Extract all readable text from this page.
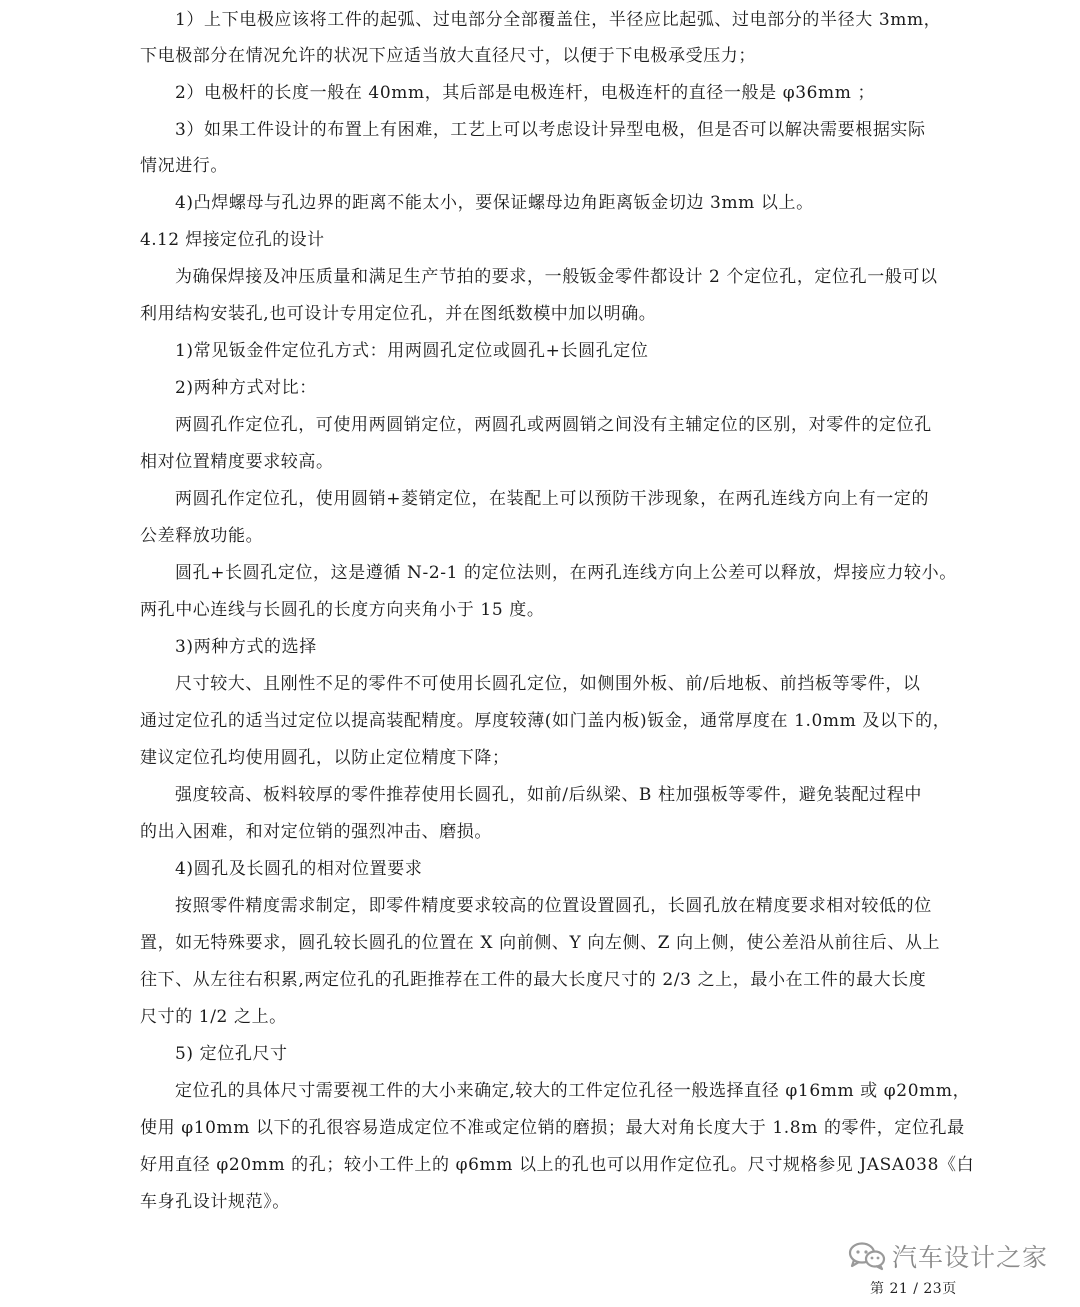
1）上下电极应该将工件的起弧、过电部分全部覆盖住，半径应比起弧、过电部分的半径大 3mm，
下电极部分在情况允许的状况下应适当放大直径尺寸，以便于下电极承受压力；
2）电极杆的长度一般在 40mm，其后部是电极连杆，电极连杆的直径一般是 φ36mm ；
3）如果工件设计的布置上有困难，工艺上可以考虑设计异型电极，但是否可以解决需要根据实际
情况进行。
4)凸焊螺母与孔边界的距离不能太小，要保证螺母边角距离钣金切边 3mm 以上。
4.12 焊接定位孔的设计
为确保焊接及冲压质量和满足生产节拍的要求，一般钣金零件都设计 2 个定位孔，定位孔一般可以
利用结构安装孔,也可设计专用定位孔，并在图纸数模中加以明确。
1)常见钣金件定位孔方式：用两圆孔定位或圆孔+长圆孔定位
2)两种方式对比：
两圆孔作定位孔，可使用两圆销定位，两圆孔或两圆销之间没有主辅定位的区别，对零件的定位孔
相对位置精度要求较高。
两圆孔作定位孔，使用圆销+菱销定位，在装配上可以预防干涉现象，在两孔连线方向上有一定的
公差释放功能。
圆孔+长圆孔定位，这是遵循 N-2-1 的定位法则，在两孔连线方向上公差可以释放，焊接应力较小。
两孔中心连线与长圆孔的长度方向夹角小于 15 度。
3)两种方式的选择
尺寸较大、且刚性不足的零件不可使用长圆孔定位，如侧围外板、前/后地板、前挡板等零件，以
通过定位孔的适当过定位以提高装配精度。厚度较薄(如门盖内板)钣金，通常厚度在 1.0mm 及以下的，
建议定位孔均使用圆孔，以防止定位精度下降；
强度较高、板料较厚的零件推荐使用长圆孔，如前/后纵梁、B 柱加强板等零件，避免装配过程中
的出入困难，和对定位销的强烈冲击、磨损。
4)圆孔及长圆孔的相对位置要求
按照零件精度需求制定，即零件精度要求较高的位置设置圆孔，长圆孔放在精度要求相对较低的位
置，如无特殊要求，圆孔较长圆孔的位置在 X 向前侧、Y 向左侧、Z 向上侧，使公差沿从前往后、从上
往下、从左往右积累,两定位孔的孔距推荐在工件的最大长度尺寸的 2/3 之上，最小在工件的最大长度
尺寸的 1/2 之上。
5) 定位孔尺寸
定位孔的具体尺寸需要视工件的大小来确定,较大的工件定位孔径一般选择直径 φ16mm 或 φ20mm，
使用 φ10mm 以下的孔很容易造成定位不准或定位销的磨损；最大对角长度大于 1.8m 的零件，定位孔最
好用直径 φ20mm 的孔；较小工件上的 φ6mm 以上的孔也可以用作定位孔。尺寸规格参见 JASA038《白
车身孔设计规范》。
汽车设计之家
第 21 / 23页
